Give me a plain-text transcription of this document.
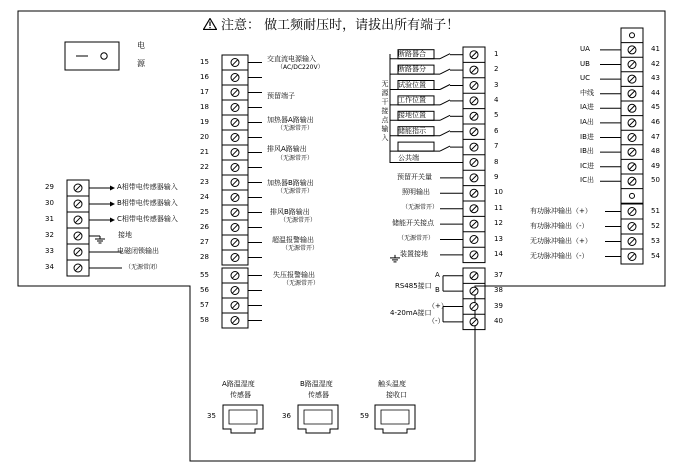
注意： 做工频耐压时，请拔出所有端子！
电
源
RS485接口
4-20mA接口
29
30
31
32
33
34
A相带电传感器输入
B相带电传感器输入
C相带电传感器输入
接地
电磁闭锁输出
（无源常闭）
15
16
17
18
19
20
21
22
23
24
25
26
27
28
55
56
57
58
交直流电源输入
（AC/DC220V）
预留端子
加热器A路输出
（无源常开）
排风A路输出
加热器B路输出
（无源常开）
排风B路输出
（无源常开）
超温报警输出
（无源常开）
失压报警输出
（无源常开）
（无源常开）
无
源
干
接
点
输
入
1
2
3
4
5
6
7
8
9
10
11
12
13
14
断路器合
断路器分
试验位置
工作位置
接地位置
储能指示
公共端
预留开关量
照明输出
（无源常开）
储能开关接点
（无源常开）
装置接地
37
38
39
40
A
B
（+）
（-）
41
UA
42
UB
43
UC
44
中线
45
IA进
46
IA出
47
IB进
48
IB出
49
IC进
50
IC出
51
有功脉冲输出（+）
52
有功脉冲输出（-）
53
无功脉冲输出（+）
54
无功脉冲输出（-）
35
A路温湿度
传感器
36
B路温湿度
传感器
59
触头温度
接收口
